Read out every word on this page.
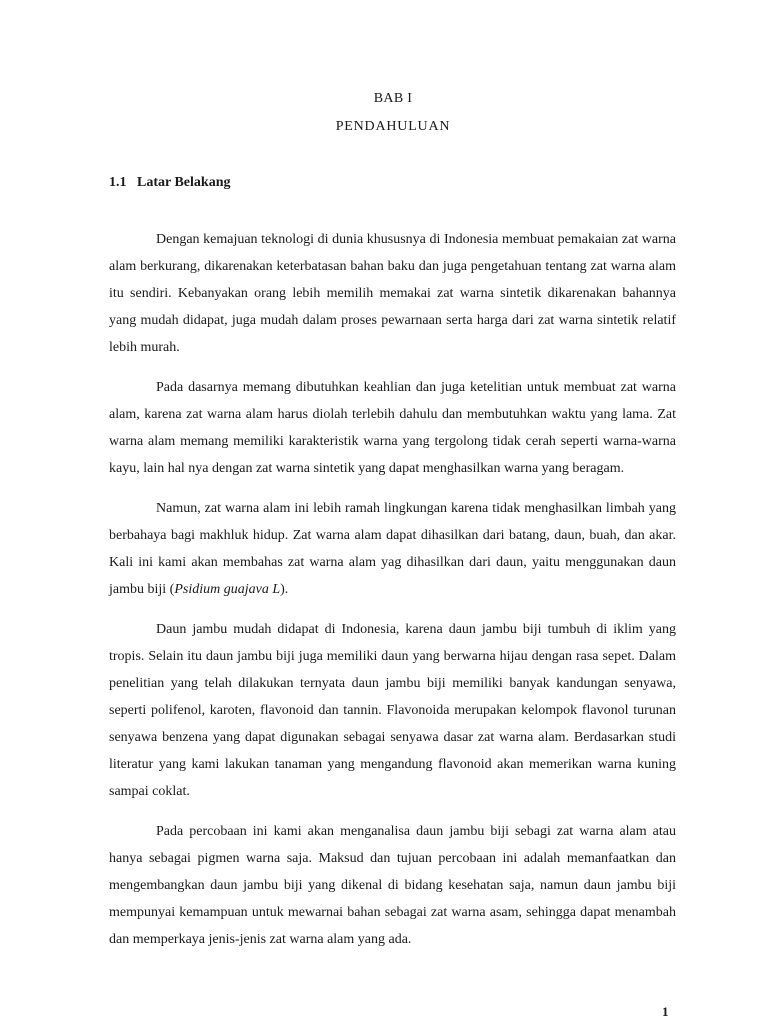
BAB I
PENDAHULUAN
1.1 Latar Belakang

Dengan kemajuan teknologi di dunia khususnya di Indonesia membuat pemakaian zat warna alam berkurang, dikarenakan keterbatasan bahan baku dan juga pengetahuan tentang zat warna alam itu sendiri. Kebanyakan orang lebih memilih memakai zat warna sintetik dikarenakan bahannya yang mudah didapat, juga mudah dalam proses pewarnaan serta harga dari zat warna sintetik relatif lebih murah.

Pada dasarnya memang dibutuhkan keahlian dan juga ketelitian untuk membuat zat warna alam, karena zat warna alam harus diolah terlebih dahulu dan membutuhkan waktu yang lama. Zat warna alam memang memiliki karakteristik warna yang tergolong tidak cerah seperti warna-warna kayu, lain hal nya dengan zat warna sintetik yang dapat menghasilkan warna yang beragam.

Namun, zat warna alam ini lebih ramah lingkungan karena tidak menghasilkan limbah yang berbahaya bagi makhluk hidup. Zat warna alam dapat dihasilkan dari batang, daun, buah, dan akar. Kali ini kami akan membahas zat warna alam yag dihasilkan dari daun, yaitu menggunakan daun jambu biji (Psidium guajava L).

Daun jambu mudah didapat di Indonesia, karena daun jambu biji tumbuh di iklim yang tropis. Selain itu daun jambu biji juga memiliki daun yang berwarna hijau dengan rasa sepet. Dalam penelitian yang telah dilakukan ternyata daun jambu biji memiliki banyak kandungan senyawa, seperti polifenol, karoten, flavonoid dan tannin. Flavonoida merupakan kelompok flavonol turunan senyawa benzena yang dapat digunakan sebagai senyawa dasar zat warna alam. Berdasarkan studi literatur yang kami lakukan tanaman yang mengandung flavonoid akan memerikan warna kuning sampai coklat.

Pada percobaan ini kami akan menganalisa daun jambu biji sebagi zat warna alam atau hanya sebagai pigmen warna saja. Maksud dan tujuan percobaan ini adalah memanfaatkan dan mengembangkan daun jambu biji yang dikenal di bidang kesehatan saja, namun daun jambu biji mempunyai kemampuan untuk mewarnai bahan sebagai zat warna asam, sehingga dapat menambah dan memperkaya jenis-jenis zat warna alam yang ada.

1
